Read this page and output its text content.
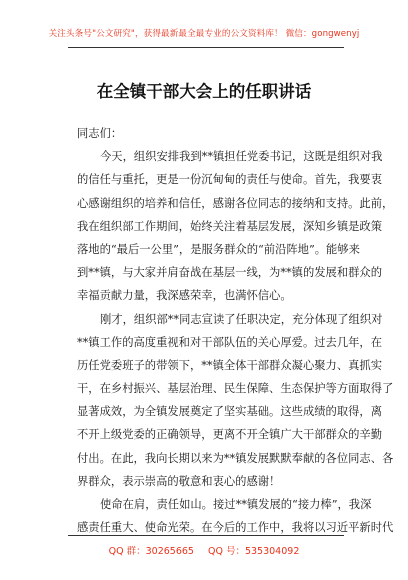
关注头条号"公文研究"，获得最新最全最专业的公文资料库！ 微信：gongwenyj
在全镇干部大会上的任职讲话
同志们：
今天，组织安排我到**镇担任党委书记，这既是组织对我
的信任与重托，更是一份沉甸甸的责任与使命。首先，我要衷
心感谢组织的培养和信任，感谢各位同志的接纳和支持。此前，
我在组织部工作期间，始终关注着基层发展，深知乡镇是政策
落地的“最后一公里”，是服务群众的“前沿阵地”。能够来
到**镇，与大家并肩奋战在基层一线，为**镇的发展和群众的
幸福贡献力量，我深感荣幸，也满怀信心。
刚才，组织部**同志宣读了任职决定，充分体现了组织对
**镇工作的高度重视和对干部队伍的关心厚爱。过去几年，在
历任党委班子的带领下，**镇全体干部群众凝心聚力、真抓实
干，在乡村振兴、基层治理、民生保障、生态保护等方面取得了
显著成效，为全镇发展奠定了坚实基础。这些成绩的取得，离
不开上级党委的正确领导，更离不开全镇广大干部群众的辛勤
付出。在此，我向长期以来为**镇发展默默奉献的各位同志、各
界群众，表示崇高的敬意和衷心的感谢！
使命在肩，责任如山。接过**镇发展的“接力棒”，我深
感责任重大、使命光荣。在今后的工作中，我将以习近平新时代
QQ 群：30265665 QQ 号：535304092
